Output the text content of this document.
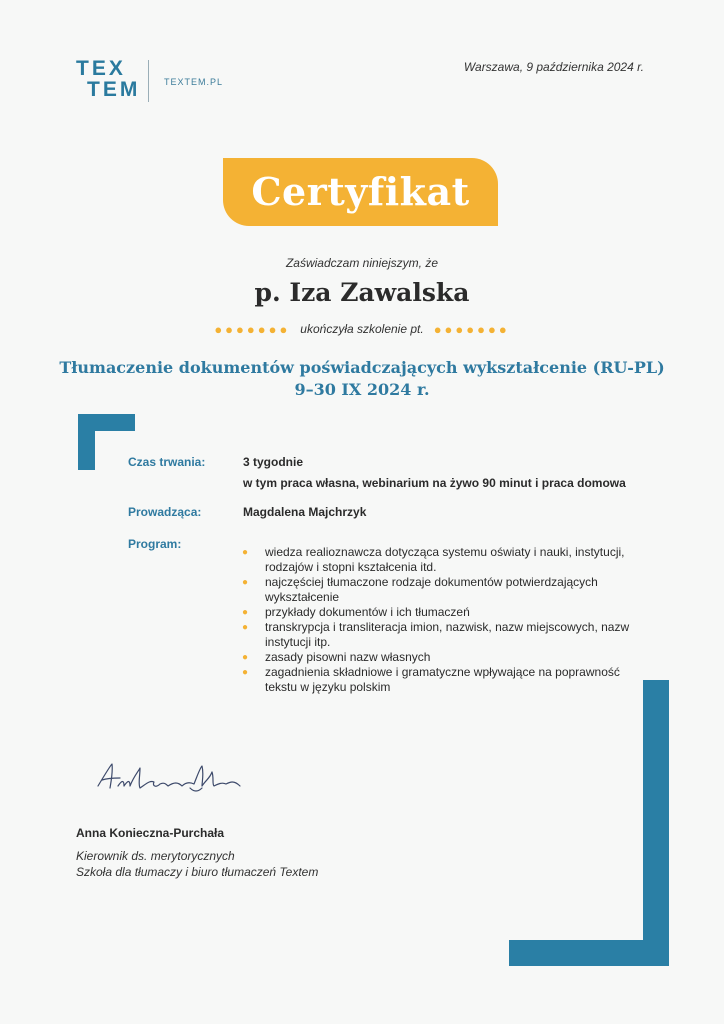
TEX
TEM	TEXTEM.PL
Warszawa, 9 października 2024 r.
Certyfikat
Zaświadczam niniejszym, że
p. Iza Zawalska
●●●●●●● ukończyła szkolenie pt. ●●●●●●●
Tłumaczenie dokumentów poświadczających wykształcenie (RU-PL)
9–30 IX 2024 r.
Czas trwania:	3 tygodnie
w tym praca własna, webinarium na żywo 90 minut i praca domowa
Prowadząca:	Magdalena Majchrzyk
Program:
● wiedza realioznawcza dotycząca systemu oświaty i nauki, instytucji, rodzajów i stopni kształcenia itd.
● najczęściej tłumaczone rodzaje dokumentów potwierdzających wykształcenie
● przykłady dokumentów i ich tłumaczeń
● transkrypcja i transliteracja imion, nazwisk, nazw miejscowych, nazw instytucji itp.
● zasady pisowni nazw własnych
● zagadnienia składniowe i gramatyczne wpływające na poprawność tekstu w języku polskim
Anna Konieczna-Purchała
Kierownik ds. merytorycznych
Szkoła dla tłumaczy i biuro tłumaczeń Textem
